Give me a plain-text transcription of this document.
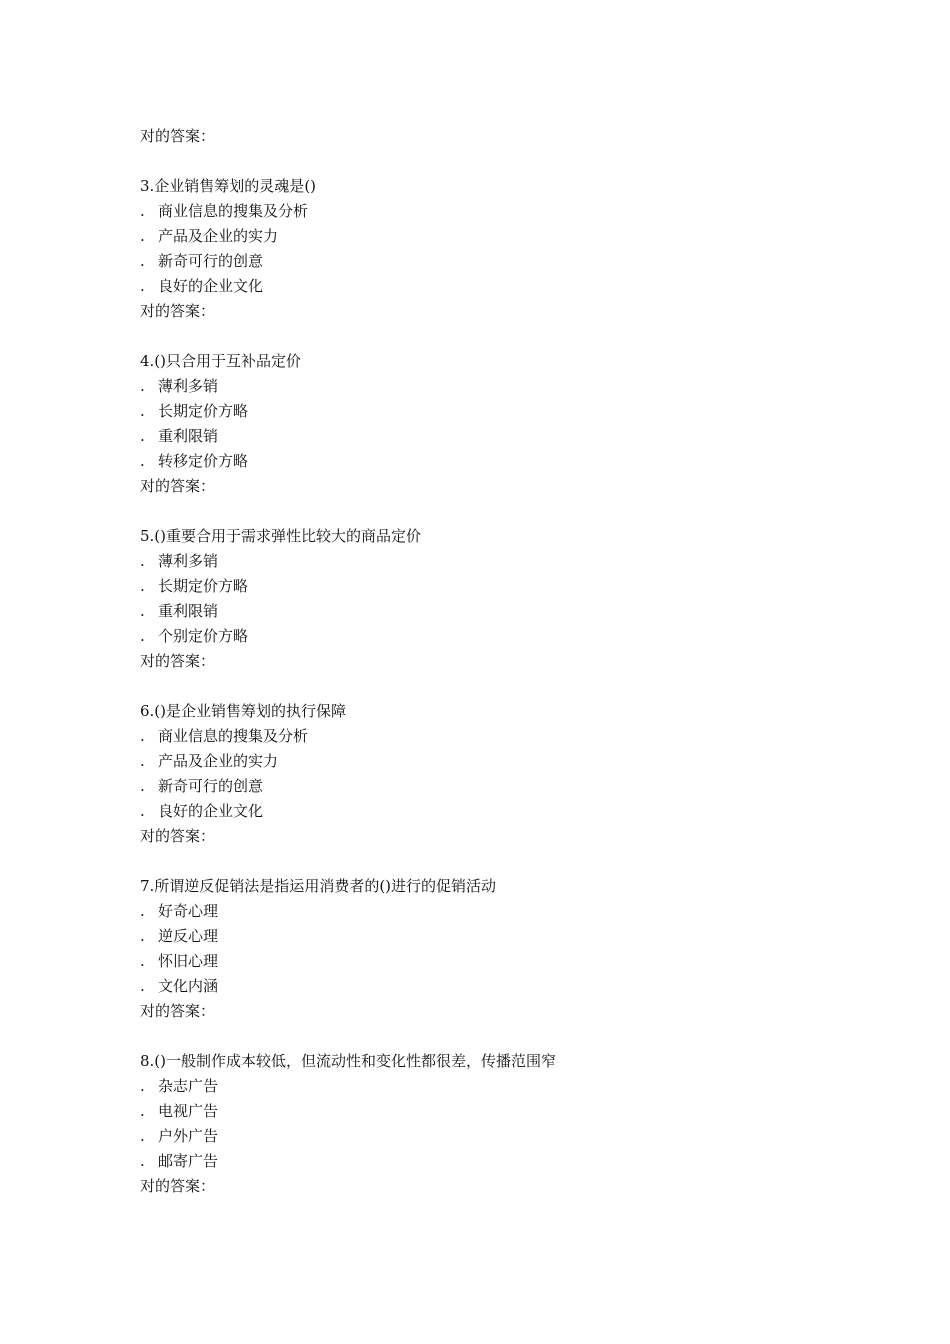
对的答案：
3.企业销售筹划的灵魂是()
. 商业信息的搜集及分析
. 产品及企业的实力
. 新奇可行的创意
. 良好的企业文化
对的答案：
4.()只合用于互补品定价
. 薄利多销
. 长期定价方略
. 重利限销
. 转移定价方略
对的答案：
5.()重要合用于需求弹性比较大的商品定价
. 薄利多销
. 长期定价方略
. 重利限销
. 个别定价方略
对的答案：
6.()是企业销售筹划的执行保障
. 商业信息的搜集及分析
. 产品及企业的实力
. 新奇可行的创意
. 良好的企业文化
对的答案：
7.所谓逆反促销法是指运用消费者的()进行的促销活动
. 好奇心理
. 逆反心理
. 怀旧心理
. 文化内涵
对的答案：
8.()一般制作成本较低，但流动性和变化性都很差，传播范围窄
. 杂志广告
. 电视广告
. 户外广告
. 邮寄广告
对的答案：
